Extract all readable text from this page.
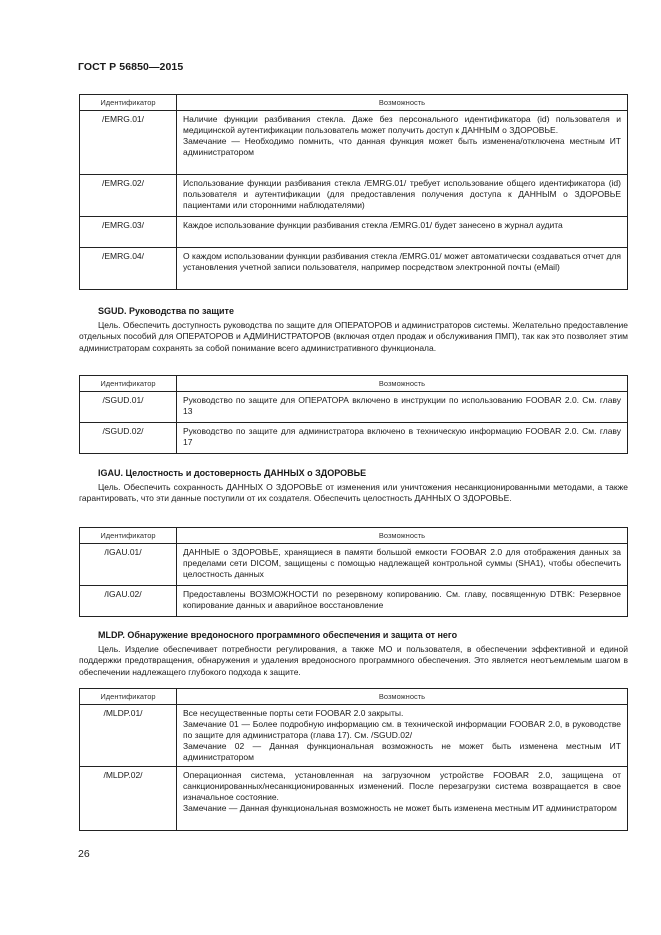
ГОСТ Р 56850—2015
Идентификатор	Возможность
/EMRG.01/	Наличие функции разбивания стекла. Даже без персонального идентификатора (id) пользователя и медицинской аутентификации пользователь может получить доступ к ДАННЫМ о ЗДОРОВЬЕ.
Замечание — Необходимо помнить, что данная функция может быть изменена/отключена местным ИТ администратором

/EMRG.02/	Использование функции разбивания стекла /EMRG.01/ требует использование общего идентификатора (id) пользователя и аутентификации (для предоставления получения доступа к ДАННЫМ о ЗДОРОВЬЕ пациентами или сторонними наблюдателями)
/EMRG.03/	Каждое использование функции разбивания стекла /EMRG.01/ будет занесено в журнал аудита
/EMRG.04/	О каждом использовании функции разбивания стекла /EMRG.01/ может автоматически создаваться отчет для установления учетной записи пользователя, например посредством электронной почты (eMail)
SGUD. Руководства по защите

Цель. Обеспечить доступность руководства по защите для ОПЕРАТОРОВ и администраторов системы. Желательно предоставление отдельных пособий для ОПЕРАТОРОВ и АДМИНИСТРАТОРОВ (включая отдел продаж и обслуживания ПМП), так как это позволяет этим администраторам сохранять за собой понимание всего административного функционала.

Идентификатор	Возможность
/SGUD.01/	Руководство по защите для ОПЕРАТОРА включено в инструкции по использованию FOOBAR 2.0. См. главу 13
/SGUD.02/	Руководство по защите для администратора включено в техническую информацию FOOBAR 2.0. См. главу 17
IGAU. Целостность и достоверность ДАННЫХ о ЗДОРОВЬЕ

Цель. Обеспечить сохранность ДАННЫХ О ЗДОРОВЬЕ от изменения или уничтожения несанкционированными методами, а также гарантировать, что эти данные поступили от их создателя. Обеспечить целостность ДАННЫХ О ЗДОРОВЬЕ.

Идентификатор	Возможность
/IGAU.01/	ДАННЫЕ о ЗДОРОВЬЕ, хранящиеся в памяти большой емкости FOOBAR 2.0 для отображения данных за пределами сети DICOM, защищены с помощью надлежащей контрольной суммы (SHA1), чтобы обеспечить целостность данных
/IGAU.02/	Предоставлены ВОЗМОЖНОСТИ по резервному копированию. См. главу, посвященную DTBK: Резервное копирование данных и аварийное восстановление
MLDP. Обнаружение вредоносного программного обеспечения и защита от него

Цель. Изделие обеспечивает потребности регулирования, а также МО и пользователя, в обеспечении эффективной и единой поддержки предотвращения, обнаружения и удаления вредоносного программного обеспечения. Это является неотъемлемым шагом в обеспечении надлежащего глубокого подхода к защите.

Идентификатор	Возможность
/MLDP.01/	Все несущественные порты сети FOOBAR 2.0 закрыты.
Замечание 01 — Более подробную информацию см. в технической информации FOOBAR 2.0, в руководстве по защите для администратора (глава 17). См. /SGUD.02/
Замечание 02 — Данная функциональная возможность не может быть изменена местным ИТ администратором

/MLDP.02/	Операционная система, установленная на загрузочном устройстве FOOBAR 2.0, защищена от санкционированных/несанкционированных изменений. После перезагрузки система возвращается в свое изначальное состояние.
Замечание — Данная функциональная возможность не может быть изменена местным ИТ администратором
26
